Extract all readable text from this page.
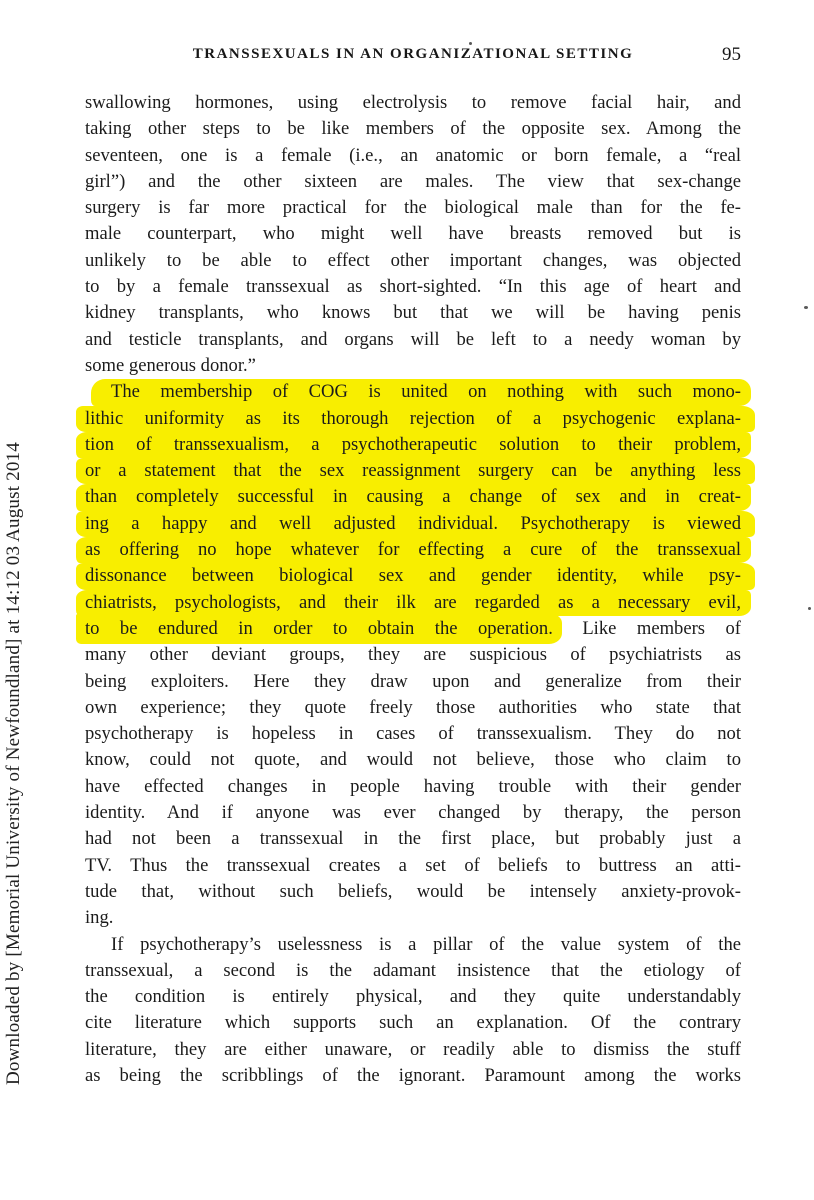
TRANSSEXUALS IN AN ORGANIZATIONAL SETTING	95
Downloaded by [Memorial University of Newfoundland] at 14:12 03 August 2014
swallowing hormones, using electrolysis to remove facial hair, and
taking other steps to be like members of the opposite sex. Among the
seventeen, one is a female (i.e., an anatomic or born female, a “real
girl”) and the other sixteen are males. The view that sex-change
surgery is far more practical for the biological male than for the fe-
male counterpart, who might well have breasts removed but is
unlikely to be able to effect other important changes, was objected
to by a female transsexual as short-sighted. “In this age of heart and
kidney transplants, who knows but that we will be having penis
and testicle transplants, and organs will be left to a needy woman by
some generous donor.”
The membership of COG is united on nothing with such mono-
lithic uniformity as its thorough rejection of a psychogenic explana-
tion of transsexualism, a psychotherapeutic solution to their problem,
or a statement that the sex reassignment surgery can be anything less
than completely successful in causing a change of sex and in creat-
ing a happy and well adjusted individual. Psychotherapy is viewed
as offering no hope whatever for effecting a cure of the transsexual
dissonance between biological sex and gender identity, while psy-
chiatrists, psychologists, and their ilk are regarded as a necessary evil,
to be endured in order to obtain the operation. Like members of
many other deviant groups, they are suspicious of psychiatrists as
being exploiters. Here they draw upon and generalize from their
own experience; they quote freely those authorities who state that
psychotherapy is hopeless in cases of transsexualism. They do not
know, could not quote, and would not believe, those who claim to
have effected changes in people having trouble with their gender
identity. And if anyone was ever changed by therapy, the person
had not been a transsexual in the first place, but probably just a
TV. Thus the transsexual creates a set of beliefs to buttress an atti-
tude that, without such beliefs, would be intensely anxiety-provok-
ing.
If psychotherapy’s uselessness is a pillar of the value system of the
transsexual, a second is the adamant insistence that the etiology of
the condition is entirely physical, and they quite understandably
cite literature which supports such an explanation. Of the contrary
literature, they are either unaware, or readily able to dismiss the stuff
as being the scribblings of the ignorant. Paramount among the works
